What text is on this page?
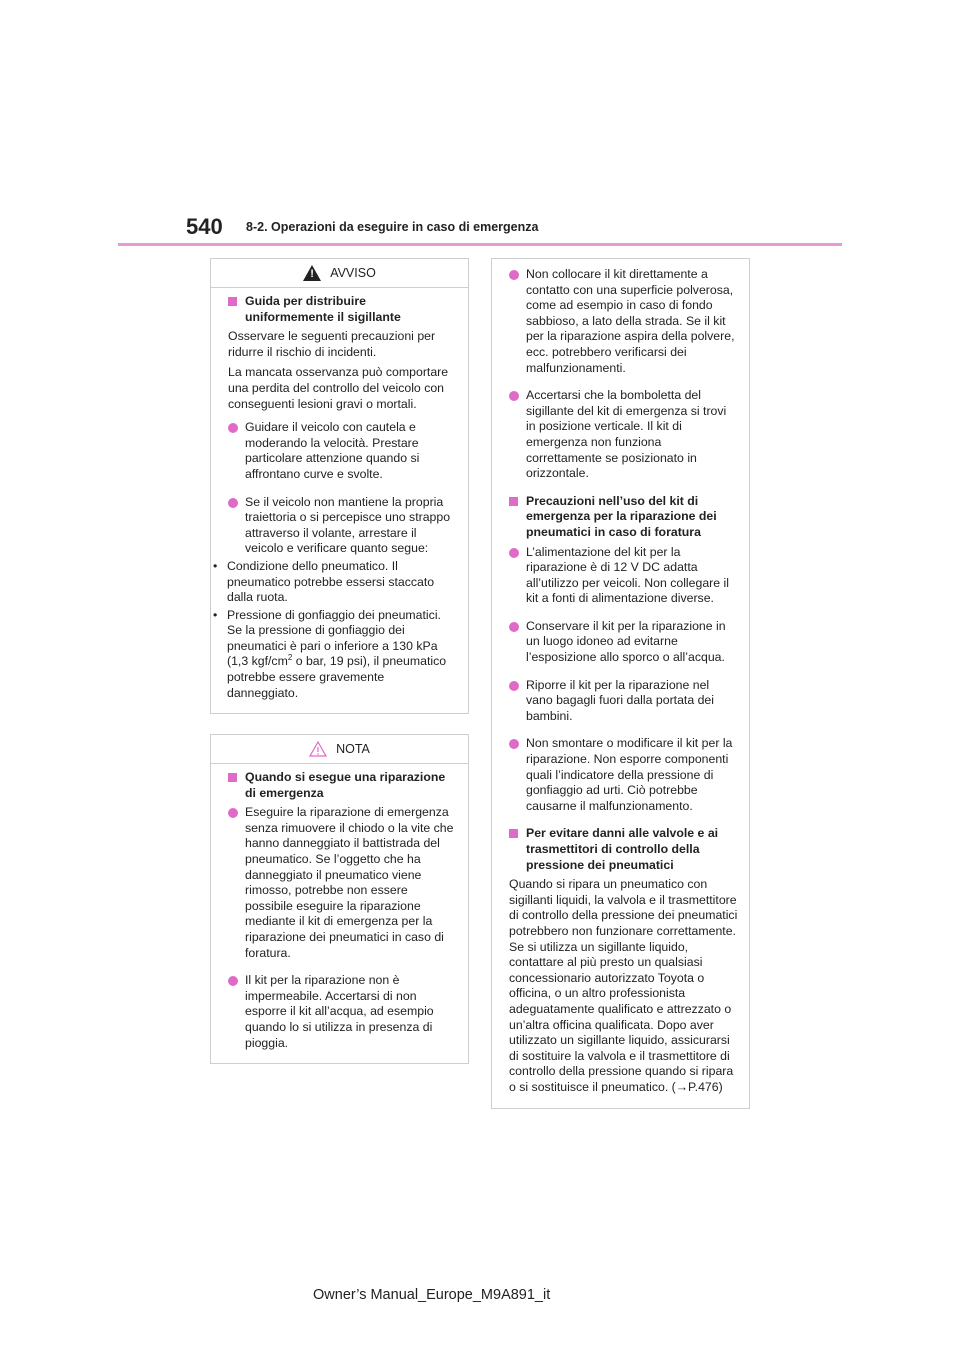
540 8-2. Operazioni da eseguire in caso di emergenza
! AVVISO
Guida per distribuire uniformemente il sigillante
Osservare le seguenti precauzioni per ridurre il rischio di incidenti.
La mancata osservanza può comportare una perdita del controllo del veicolo con conseguenti lesioni gravi o mortali.
Guidare il veicolo con cautela e moderando la velocità. Prestare particolare attenzione quando si affrontano curve e svolte.
Se il veicolo non mantiene la propria traiettoria o si percepisce uno strappo attraverso il volante, arrestare il veicolo e verificare quanto segue:
• Condizione dello pneumatico. Il pneumatico potrebbe essersi staccato dalla ruota.
• Pressione di gonfiaggio dei pneumatici. Se la pressione di gonfiaggio dei pneumatici è pari o inferiore a 130 kPa (1,3 kgf/$cm^2$ o bar, 19 psi), il pneumatico potrebbe essere gravemente danneggiato.
NOTA
Quando si esegue una riparazione di emergenza
Eseguire la riparazione di emergenza senza rimuovere il chiodo o la vite che hanno danneggiato il battistrada del pneumatico. Se l’oggetto che ha danneggiato il pneumatico viene rimosso, potrebbe non essere possibile eseguire la riparazione mediante il kit di emergenza per la riparazione dei pneumatici in caso di foratura.
Il kit per la riparazione non è impermeabile. Accertarsi di non esporre il kit all’acqua, ad esempio quando lo si utilizza in presenza di pioggia.
Non collocare il kit direttamente a contatto con una superficie polverosa, come ad esempio in caso di fondo sabbioso, a lato della strada. Se il kit per la riparazione aspira della polvere, ecc. potrebbero verificarsi dei malfunzionamenti.
Accertarsi che la bomboletta del sigillante del kit di emergenza si trovi in posizione verticale. Il kit di emergenza non funziona correttamente se posizionato in orizzontale.
Precauzioni nell’uso del kit di emergenza per la riparazione dei pneumatici in caso di foratura
L’alimentazione del kit per la riparazione è di 12 V DC adatta all’utilizzo per veicoli. Non collegare il kit a fonti di alimentazione diverse.
Conservare il kit per la riparazione in un luogo idoneo ad evitarne l’esposizione allo sporco o all’acqua.
Riporre il kit per la riparazione nel vano bagagli fuori dalla portata dei bambini.
Non smontare o modificare il kit per la riparazione. Non esporre componenti quali l’indicatore della pressione di gonfiaggio ad urti. Ciò potrebbe causarne il malfunzionamento.
Per evitare danni alle valvole e ai trasmettitori di controllo della pressione dei pneumatici
Quando si ripara un pneumatico con sigillanti liquidi, la valvola e il trasmettitore di controllo della pressione dei pneumatici potrebbero non funzionare correttamente. Se si utilizza un sigillante liquido, contattare al più presto un qualsiasi concessionario autorizzato Toyota o officina, o un altro professionista adeguatamente qualificato e attrezzato o un’altra officina qualificata. Dopo aver utilizzato un sigillante liquido, assicurarsi di sostituire la valvola e il trasmettitore di controllo della pressione quando si ripara o si sostituisce il pneumatico. (→P.476)
Owner’s Manual_Europe_M9A891_it
